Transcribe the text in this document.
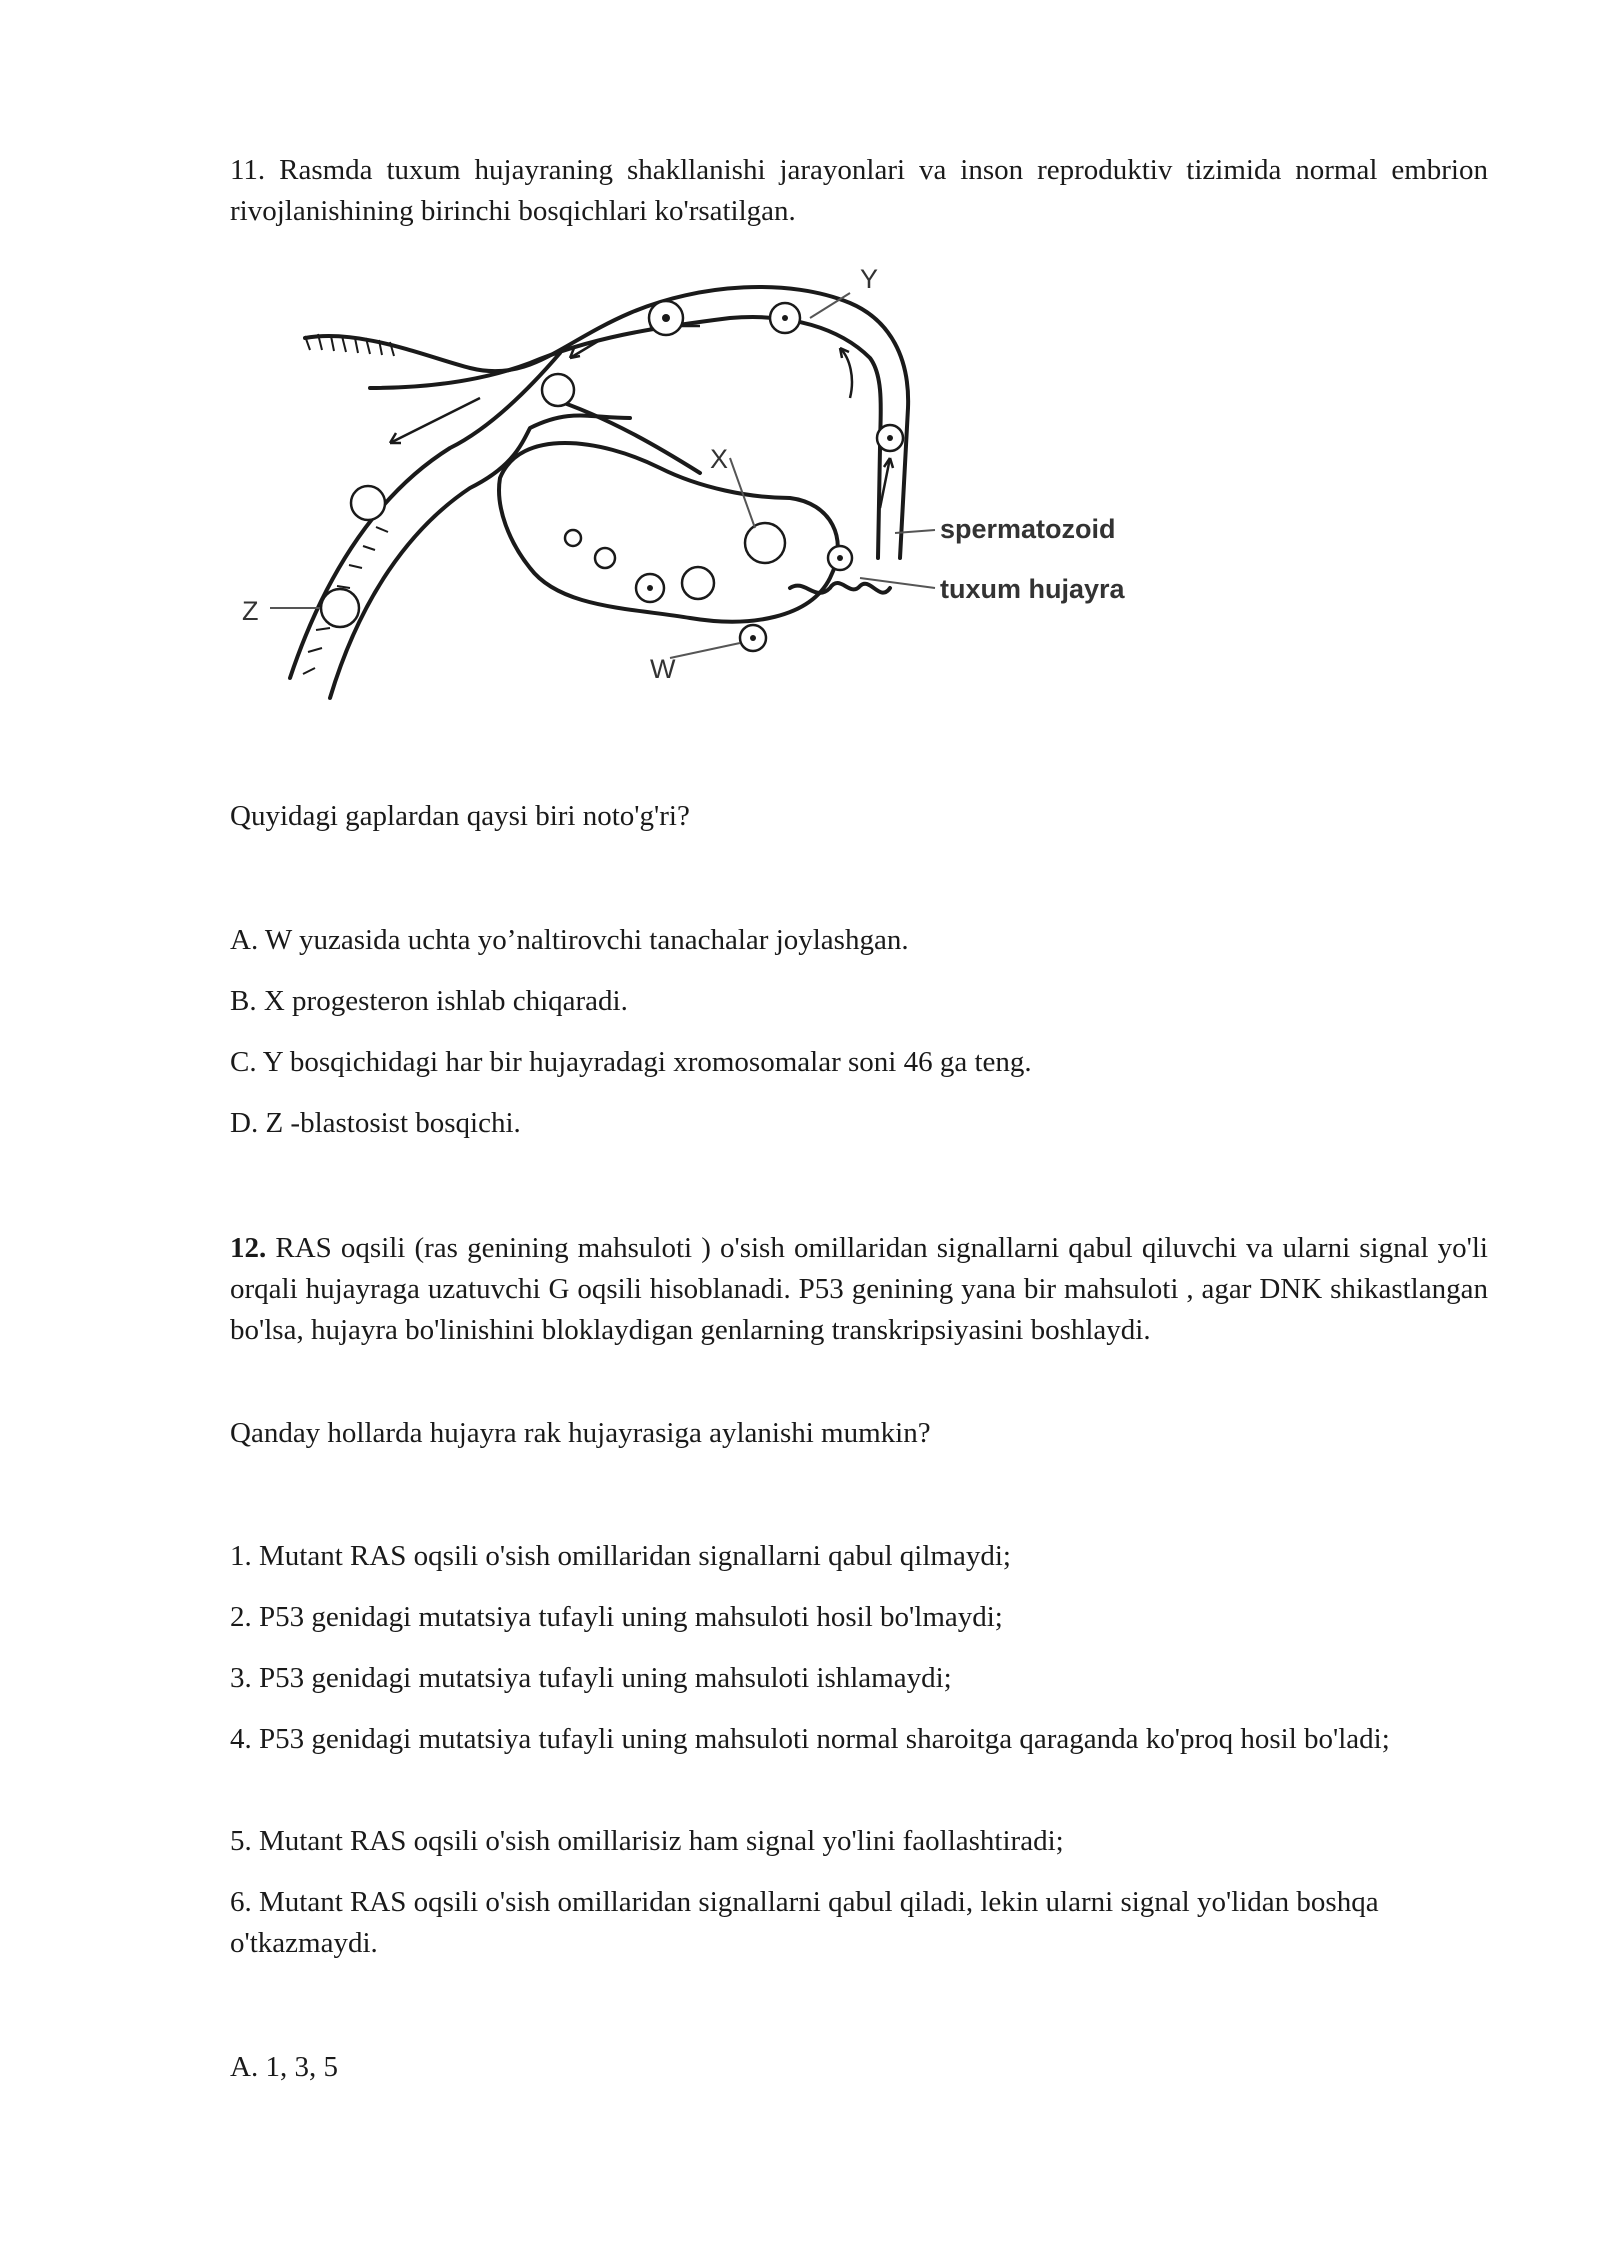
11. Rasmda tuxum hujayraning shakllanishi jarayonlari va inson reproduktiv tizimida normal embrion rivojlanishining birinchi bosqichlari ko'rsatilgan.

Y
X
Z
W
spermatozoid
tuxum hujayra

Quyidagi gaplardan qaysi biri noto'g'ri?

A. W yuzasida uchta yo’naltirovchi tanachalar joylashgan.

B. X progesteron ishlab chiqaradi.

C. Y bosqichidagi har bir hujayradagi xromosomalar soni 46 ga teng.

D. Z -blastosist bosqichi.

12. RAS oqsili (ras genining mahsuloti ) o'sish omillaridan signallarni qabul qiluvchi va ularni signal yo'li orqali hujayraga uzatuvchi G oqsili hisoblanadi. P53 genining yana bir mahsuloti , agar DNK shikastlangan bo'lsa, hujayra bo'linishini bloklaydigan genlarning transkripsiyasini boshlaydi.

Qanday hollarda hujayra rak hujayrasiga aylanishi mumkin?

1. Mutant RAS oqsili o'sish omillaridan signallarni qabul qilmaydi;

2. P53 genidagi mutatsiya tufayli uning mahsuloti hosil bo'lmaydi;

3. P53 genidagi mutatsiya tufayli uning mahsuloti ishlamaydi;

4. P53 genidagi mutatsiya tufayli uning mahsuloti normal sharoitga qaraganda ko'proq hosil bo'ladi;

5. Mutant RAS oqsili o'sish omillarisiz ham signal yo'lini faollashtiradi;

6. Mutant RAS oqsili o'sish omillaridan signallarni qabul qiladi, lekin ularni signal yo'lidan boshqa o'tkazmaydi.

A. 1, 3, 5
